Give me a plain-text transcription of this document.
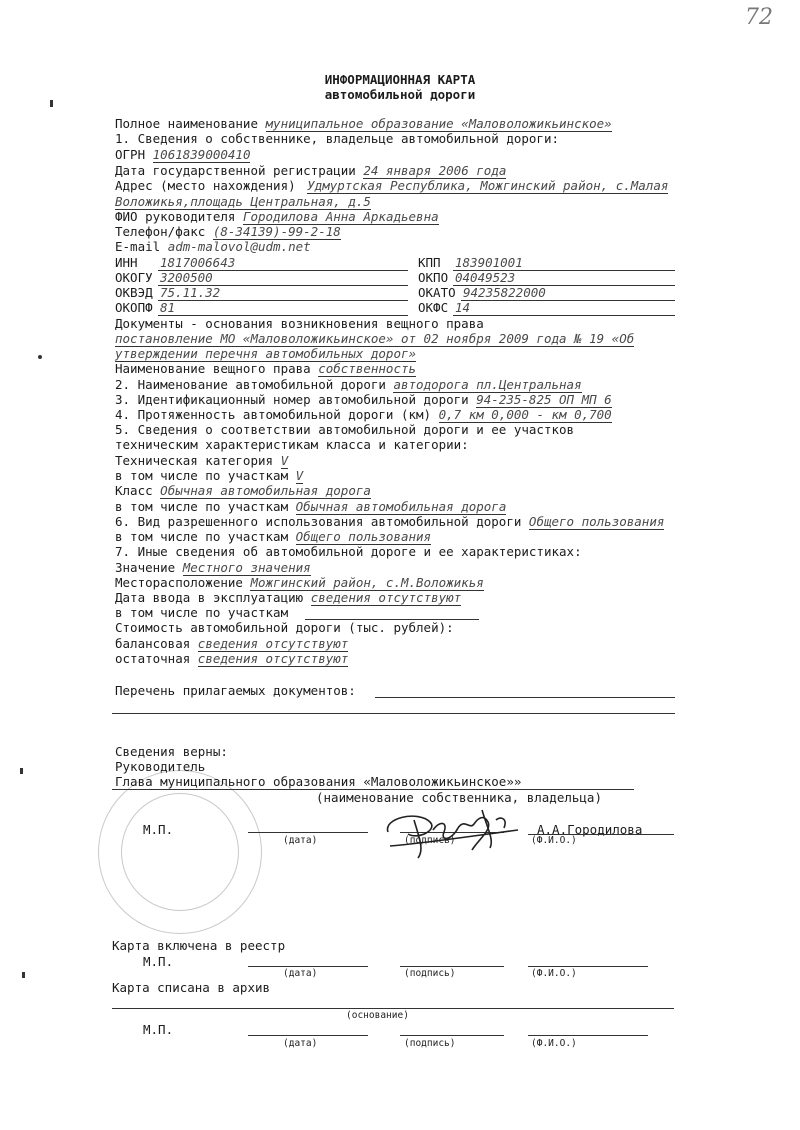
72
ИНФОРМАЦИОННАЯ КАРТА
автомобильной дороги
Полное наименование муниципальное образование «Маловоложикьинское»
1. Сведения о собственнике, владельце автомобильной дороги:
ОГРН 1061839000410
Дата государственной регистрации 24 января 2006 года
Адрес (место нахождения) Удмуртская Республика, Можгинский район, с.Малая
Воложикья,площадь Центральная, д.5
ФИО руководителя Городилова Анна Аркадьевна
Телефон/факс (8-34139)-99-2-18
E-mail adm-malovol@udm.net
ИНН 1817006643	КПП 183901001
ОКОГУ 3200500	ОКПО 04049523
ОКВЭД 75.11.32	ОКАТО 94235822000
ОКОПФ 81	ОКФС 14
Документы - основания возникновения вещного права
постановление МО «Маловоложикьинское» от 02 ноября 2009 года № 19 «Об
утверждении перечня автомобильных дорог»
Наименование вещного права собственность
2. Наименование автомобильной дороги автодорога пл.Центральная
3. Идентификационный номер автомобильной дороги 94-235-825 ОП МП 6
4. Протяженность автомобильной дороги (км) 0,7 км 0,000 - км 0,700
5. Сведения о соответствии автомобильной дороги и ее участков
техническим характеристикам класса и категории:
Техническая категория V
в том числе по участкам V
Класс Обычная автомобильная дорога
в том числе по участкам Обычная автомобильная дорога
6. Вид разрешенного использования автомобильной дороги Общего пользования
в том числе по участкам Общего пользования
7. Иные сведения об автомобильной дороге и ее характеристиках:
Значение Местного значения
Месторасположение Можгинский район, с.М.Воложикья
Дата ввода в эксплуатацию сведения отсутствуют
в том числе по участкам
Стоимость автомобильной дороги (тыс. рублей):
балансовая сведения отсутствуют
остаточная сведения отсутствуют
Перечень прилагаемых документов:
Сведения верны:
Руководитель
Глава муниципального образования «Маловоложикьинское»»
(наименование собственника, владельца)
М.П.
(дата)	(подпись)
А.А.Городилова
(Ф.И.О.)
Карта включена в реестр
М.П.
(дата)	(подпись)	(Ф.И.О.)
Карта списана в архив
(основание)
М.П.
(дата)	(подпись)	(Ф.И.О.)
